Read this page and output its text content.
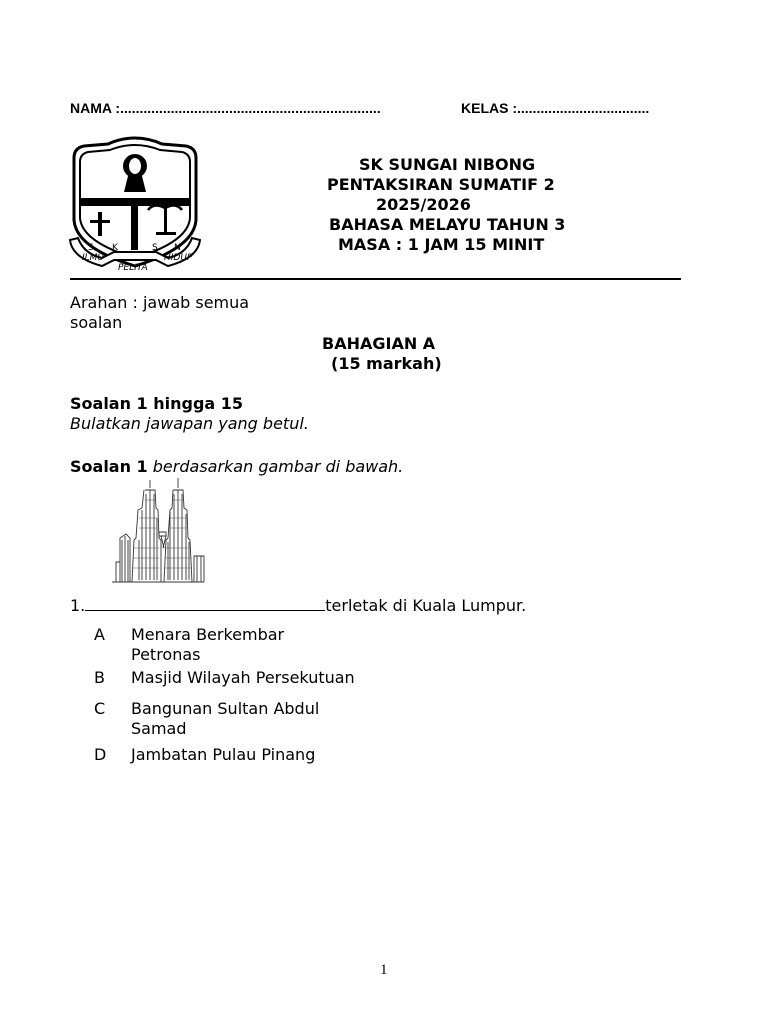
NAMA :...................................................................	KELAS :..................................
S K	S N
ILMU
PELITA
HIDUP
SK SUNGAI NIBONG
PENTAKSIRAN SUMATIF 2
2025/2026
BAHASA MELAYU TAHUN 3
MASA : 1 JAM 15 MINIT
Arahan : jawab semua
soalan
BAHAGIAN A
(15 markah)
Soalan 1 hingga 15
Bulatkan jawapan yang betul.
Soalan 1 berdasarkan gambar di bawah.
1.	terletak di Kuala Lumpur.
A Menara Berkembar
Petronas
B Masjid Wilayah Persekutuan
C Bangunan Sultan Abdul
Samad
D Jambatan Pulau Pinang
1
